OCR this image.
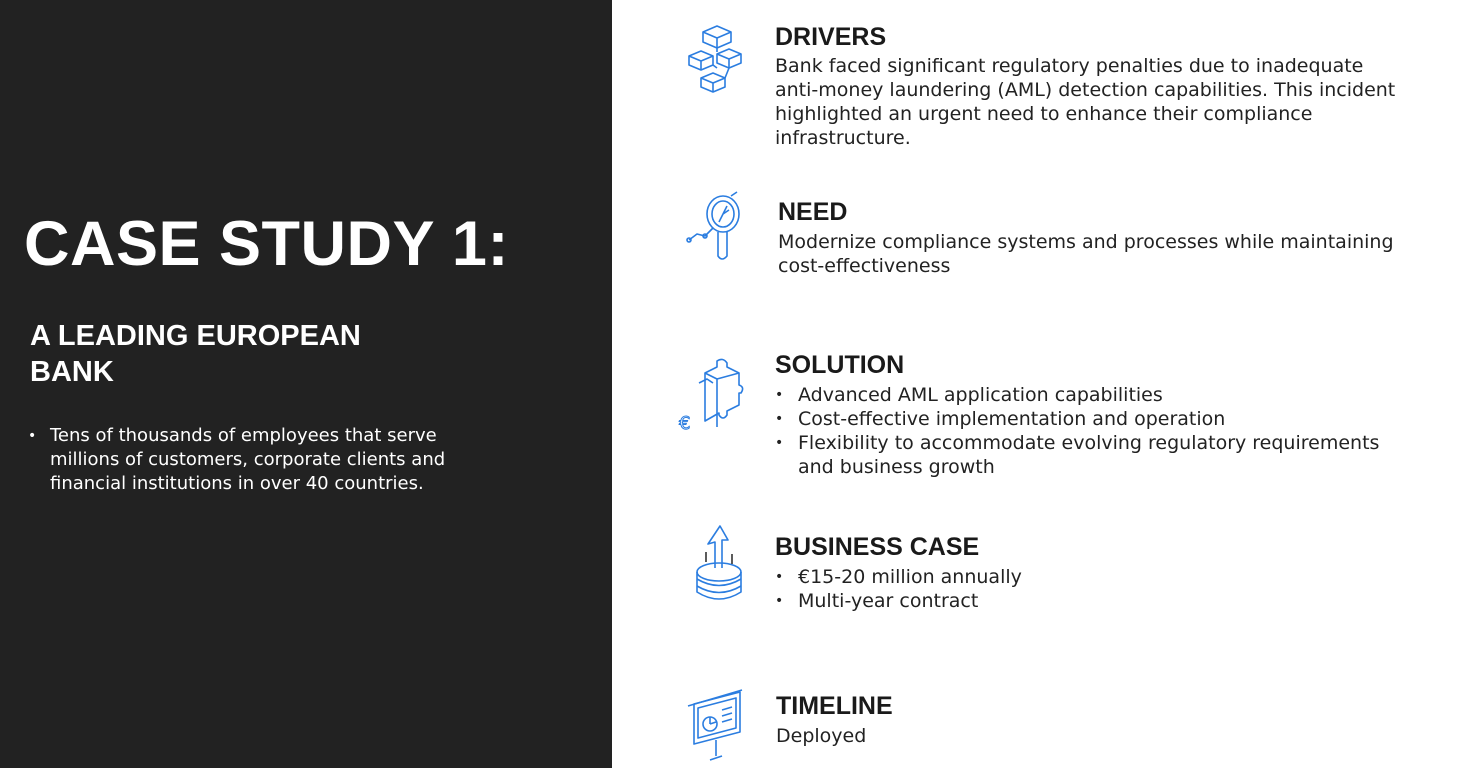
CASE STUDY 1:
A LEADING EUROPEAN BANK
• Tens of thousands of employees that serve millions of customers, corporate clients and financial institutions in over 40 countries.
DRIVERS

Bank faced significant regulatory penalties due to inadequate anti-money laundering (AML) detection capabilities. This incident highlighted an urgent need to enhance their compliance infrastructure.

NEED

Modernize compliance systems and processes while maintaining cost-effectiveness

€
SOLUTION
• Advanced AML application capabilities
• Cost-effective implementation and operation
• Flexibility to accommodate evolving regulatory requirements and business growth
BUSINESS CASE
• €15-20 million annually
• Multi-year contract
TIMELINE

Deployed
